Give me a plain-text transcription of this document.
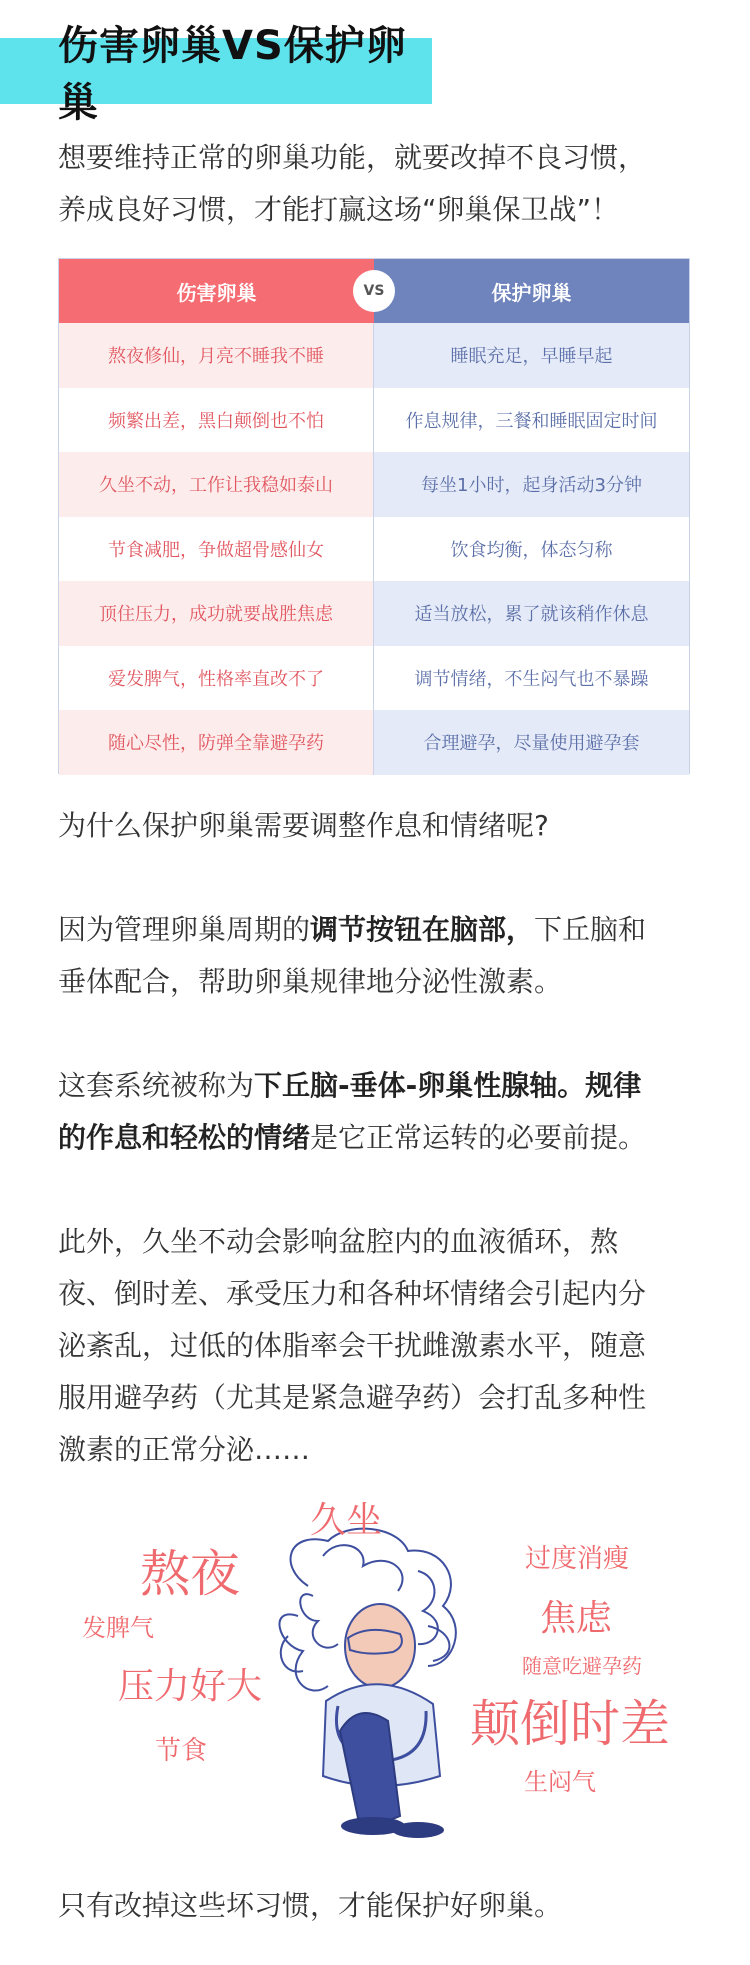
伤害卵巢VS保护卵巢

想要维持正常的卵巢功能，就要改掉不良习惯，
养成良好习惯，才能打赢这场“卵巢保卫战”！

伤害卵巢	保护卵巢
VS
熬夜修仙，月亮不睡我不睡	睡眠充足，早睡早起
频繁出差，黑白颠倒也不怕	作息规律，三餐和睡眠固定时间
久坐不动，工作让我稳如泰山	每坐1小时，起身活动3分钟
节食减肥，争做超骨感仙女	饮食均衡，体态匀称
顶住压力，成功就要战胜焦虑	适当放松，累了就该稍作休息
爱发脾气，性格率直改不了	调节情绪，不生闷气也不暴躁
随心尽性，防弹全靠避孕药	合理避孕，尽量使用避孕套

为什么保护卵巢需要调整作息和情绪呢?

因为管理卵巢周期的调节按钮在脑部，下丘脑和
垂体配合，帮助卵巢规律地分泌性激素。

这套系统被称为下丘脑-垂体-卵巢性腺轴。规律
的作息和轻松的情绪是它正常运转的必要前提。

此外，久坐不动会影响盆腔内的血液循环，熬
夜、倒时差、承受压力和各种坏情绪会引起内分
泌紊乱，过低的体脂率会干扰雌激素水平，随意
服用避孕药（尤其是紧急避孕药）会打乱多种性
激素的正常分泌……

久坐
熬夜	过度消瘦
焦虑
发脾气
压力好大	随意吃避孕药
颠倒时差
节食
生闷气

只有改掉这些坏习惯，才能保护好卵巢。
